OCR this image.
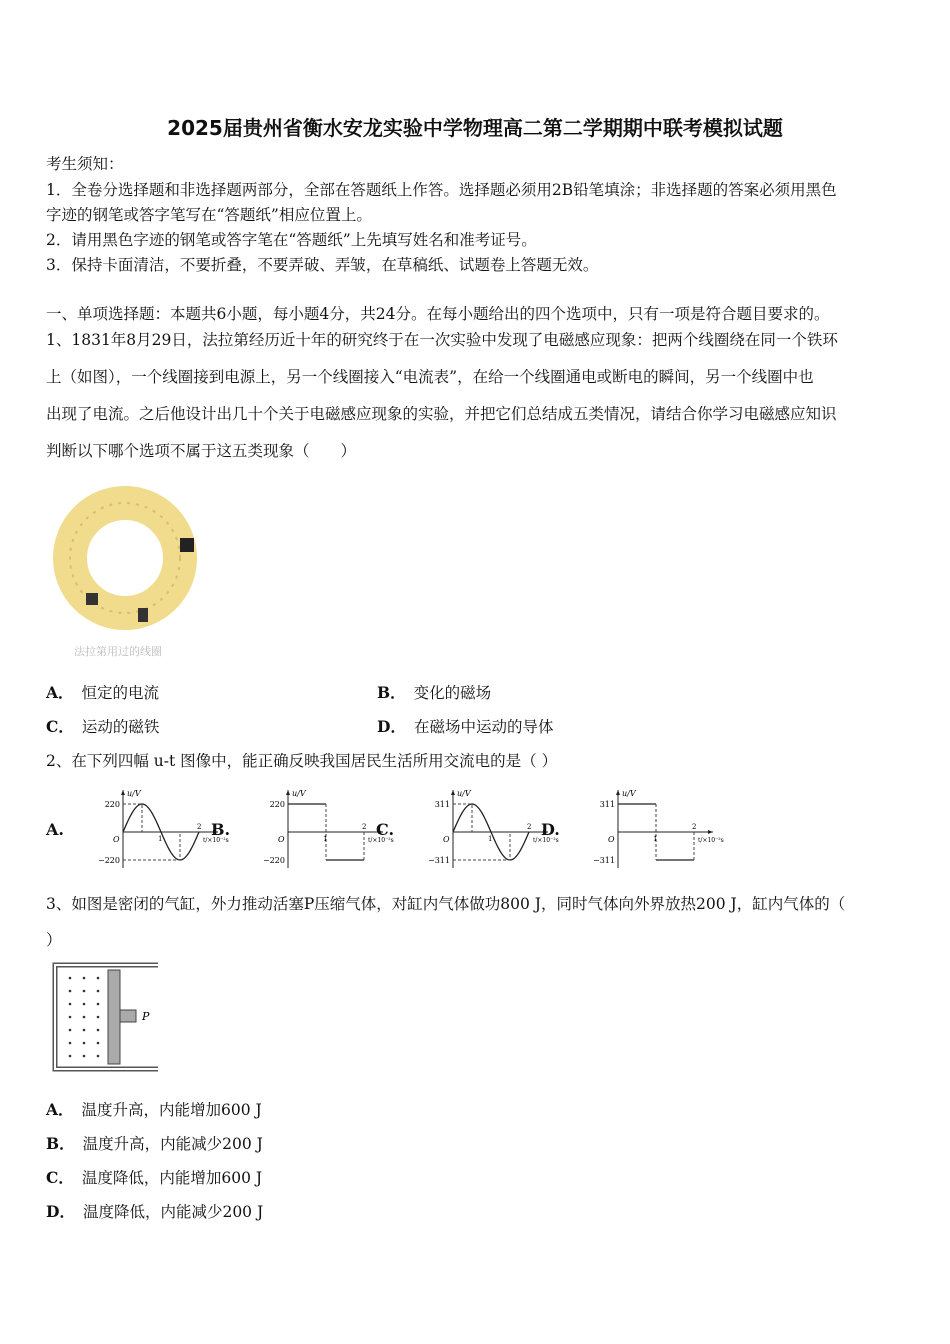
2025届贵州省衡水安龙实验中学物理高二第二学期期中联考模拟试题
考生须知：
1．全卷分选择题和非选择题两部分，全部在答题纸上作答。选择题必须用2B铅笔填涂；非选择题的答案必须用黑色
字迹的钢笔或答字笔写在“答题纸”相应位置上。
2．请用黑色字迹的钢笔或答字笔在“答题纸”上先填写姓名和准考证号。
3．保持卡面清洁，不要折叠，不要弄破、弄皱，在草稿纸、试题卷上答题无效。
一、单项选择题：本题共6小题，每小题4分，共24分。在每小题给出的四个选项中，只有一项是符合题目要求的。
1、1831年8月29日，法拉第经历近十年的研究终于在一次实验中发现了电磁感应现象：把两个线圈绕在同一个铁环
上（如图），一个线圈接到电源上，另一个线圈接入“电流表”，在给一个线圈通电或断电的瞬间，另一个线圈中也
出现了电流。之后他设计出几十个关于电磁感应现象的实验，并把它们总结成五类情况，请结合你学习电磁感应知识
判断以下哪个选项不属于这五类现象（　　）
法拉第用过的线圈
A． 恒定的电流	B． 变化的磁场
C． 运动的磁铁	D． 在磁场中运动的导体
2、在下列四幅 u-t 图像中，能正确反映我国居民生活所用交流电的是（ ）
A.
u/V
t/×10⁻²s
O	1
2
220
−220
B.
u/V
t/×10⁻²s
O	1
2
220
−220
C.
u/V
t/×10⁻²s
O	1
2
311
−311
D.
u/V
t/×10⁻²s
O	1
2
311
−311
3、如图是密闭的气缸，外力推动活塞P压缩气体，对缸内气体做功800 J，同时气体向外界放热200 J，缸内气体的（
）
P
A． 温度升高，内能增加600 J
B． 温度升高，内能减少200 J
C． 温度降低，内能增加600 J
D． 温度降低，内能减少200 J
